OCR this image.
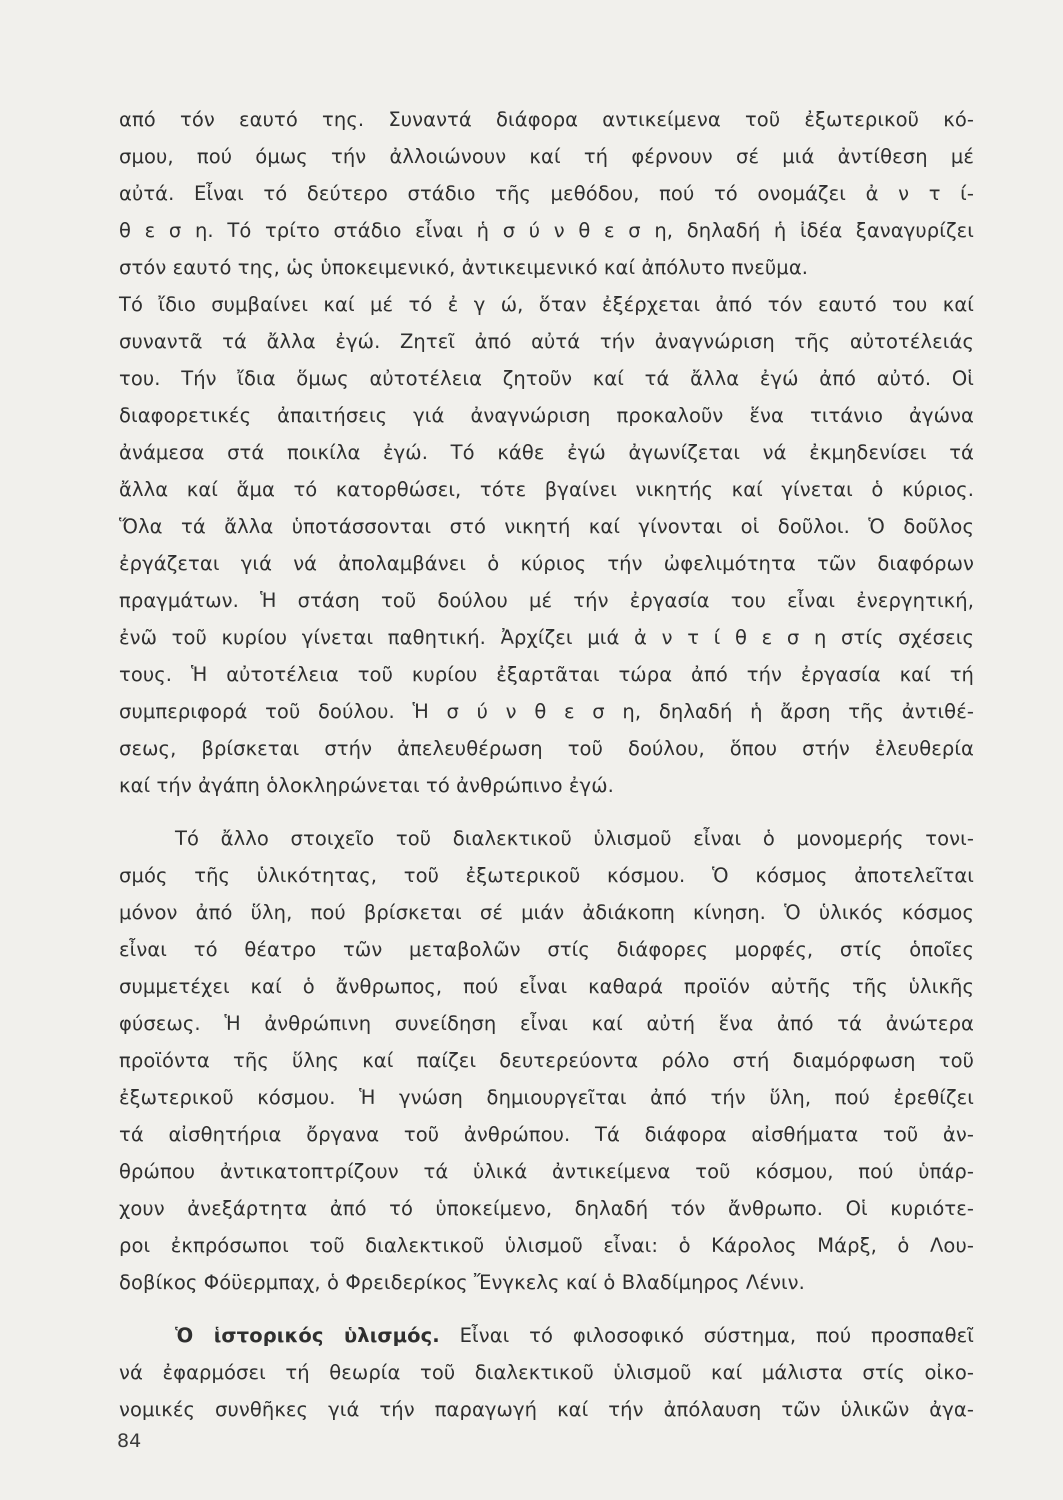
από τόν εαυτό της. Συναντά διάφορα αντικείμενα τοῦ ἐξωτερικοῦ κό-
σμου, πού όμως τήν ἀλλοιώνουν καί τή φέρνουν σέ μιά ἀντίθεση μέ
αὐτά. Εἶναι τό δεύτερο στάδιο τῆς μεθόδου, πού τό ονομάζει ἀ ν τ ί-
θ ε σ η. Τό τρίτο στάδιο εἶναι ἡ σ ύ ν θ ε σ η, δηλαδή ἡ ἰδέα ξαναγυρίζει
στόν εαυτό της, ὡς ὑποκειμενικό, ἀντικειμενικό καί ἀπόλυτο πνεῦμα.
Τό ἴδιο συμβαίνει καί μέ τό ἐ γ ώ, ὅταν ἐξέρχεται ἀπό τόν εαυτό του καί
συναντᾶ τά ἄλλα ἐγώ. Ζητεῖ ἀπό αὐτά τήν ἀναγνώριση τῆς αὐτοτέλειάς
του. Τήν ἴδια ὅμως αὐτοτέλεια ζητοῦν καί τά ἄλλα ἐγώ ἀπό αὐτό. Οἱ
διαφορετικές ἀπαιτήσεις γιά ἀναγνώριση προκαλοῦν ἕνα τιτάνιο ἀγώνα
ἀνάμεσα στά ποικίλα ἐγώ. Τό κάθε ἐγώ ἀγωνίζεται νά ἐκμηδενίσει τά
ἄλλα καί ἅμα τό κατορθώσει, τότε βγαίνει νικητής καί γίνεται ὁ κύριος.
Ὅλα τά ἄλλα ὑποτάσσονται στό νικητή καί γίνονται οἱ δοῦλοι. Ὁ δοῦλος
ἐργάζεται γιά νά ἀπολαμβάνει ὁ κύριος τήν ὠφελιμότητα τῶν διαφόρων
πραγμάτων. Ἡ στάση τοῦ δούλου μέ τήν ἐργασία του εἶναι ἐνεργητική,
ἐνῶ τοῦ κυρίου γίνεται παθητική. Ἀρχίζει μιά ἀ ν τ ί θ ε σ η στίς σχέσεις
τους. Ἡ αὐτοτέλεια τοῦ κυρίου ἐξαρτᾶται τώρα ἀπό τήν ἐργασία καί τή
συμπεριφορά τοῦ δούλου. Ἡ σ ύ ν θ ε σ η, δηλαδή ἡ ἄρση τῆς ἀντιθέ-
σεως, βρίσκεται στήν ἀπελευθέρωση τοῦ δούλου, ὅπου στήν ἐλευθερία
καί τήν ἀγάπη ὁλοκληρώνεται τό ἀνθρώπινο ἐγώ.
Τό ἄλλο στοιχεῖο τοῦ διαλεκτικοῦ ὑλισμοῦ εἶναι ὁ μονομερής τονι-
σμός τῆς ὑλικότητας, τοῦ ἐξωτερικοῦ κόσμου. Ὁ κόσμος ἀποτελεῖται
μόνον ἀπό ὕλη, πού βρίσκεται σέ μιάν ἀδιάκοπη κίνηση. Ὁ ὑλικός κόσμος
εἶναι τό θέατρο τῶν μεταβολῶν στίς διάφορες μορφές, στίς ὁποῖες
συμμετέχει καί ὁ ἄνθρωπος, πού εἶναι καθαρά προϊόν αὐτῆς τῆς ὑλικῆς
φύσεως. Ἡ ἀνθρώπινη συνείδηση εἶναι καί αὐτή ἕνα ἀπό τά ἀνώτερα
προϊόντα τῆς ὕλης καί παίζει δευτερεύοντα ρόλο στή διαμόρφωση τοῦ
ἐξωτερικοῦ κόσμου. Ἡ γνώση δημιουργεῖται ἀπό τήν ὕλη, πού ἐρεθίζει
τά αἰσθητήρια ὄργανα τοῦ ἀνθρώπου. Τά διάφορα αἰσθήματα τοῦ ἀν-
θρώπου ἀντικατοπτρίζουν τά ὑλικά ἀντικείμενα τοῦ κόσμου, πού ὑπάρ-
χουν ἀνεξάρτητα ἀπό τό ὑποκείμενο, δηλαδή τόν ἄνθρωπο. Οἱ κυριότε-
ροι ἐκπρόσωποι τοῦ διαλεκτικοῦ ὑλισμοῦ εἶναι: ὁ Κάρολος Μάρξ, ὁ Λου-
δοβίκος Φόϋερμπαχ, ὁ Φρειδερίκος Ἔνγκελς καί ὁ Βλαδίμηρος Λένιν.
Ὁ ἱστορικός ὑλισμός. Εἶναι τό φιλοσοφικό σύστημα, πού προσπαθεῖ
νά ἐφαρμόσει τή θεωρία τοῦ διαλεκτικοῦ ὑλισμοῦ καί μάλιστα στίς οἰκο-
νομικές συνθῆκες γιά τήν παραγωγή καί τήν ἀπόλαυση τῶν ὑλικῶν ἀγα-
84
